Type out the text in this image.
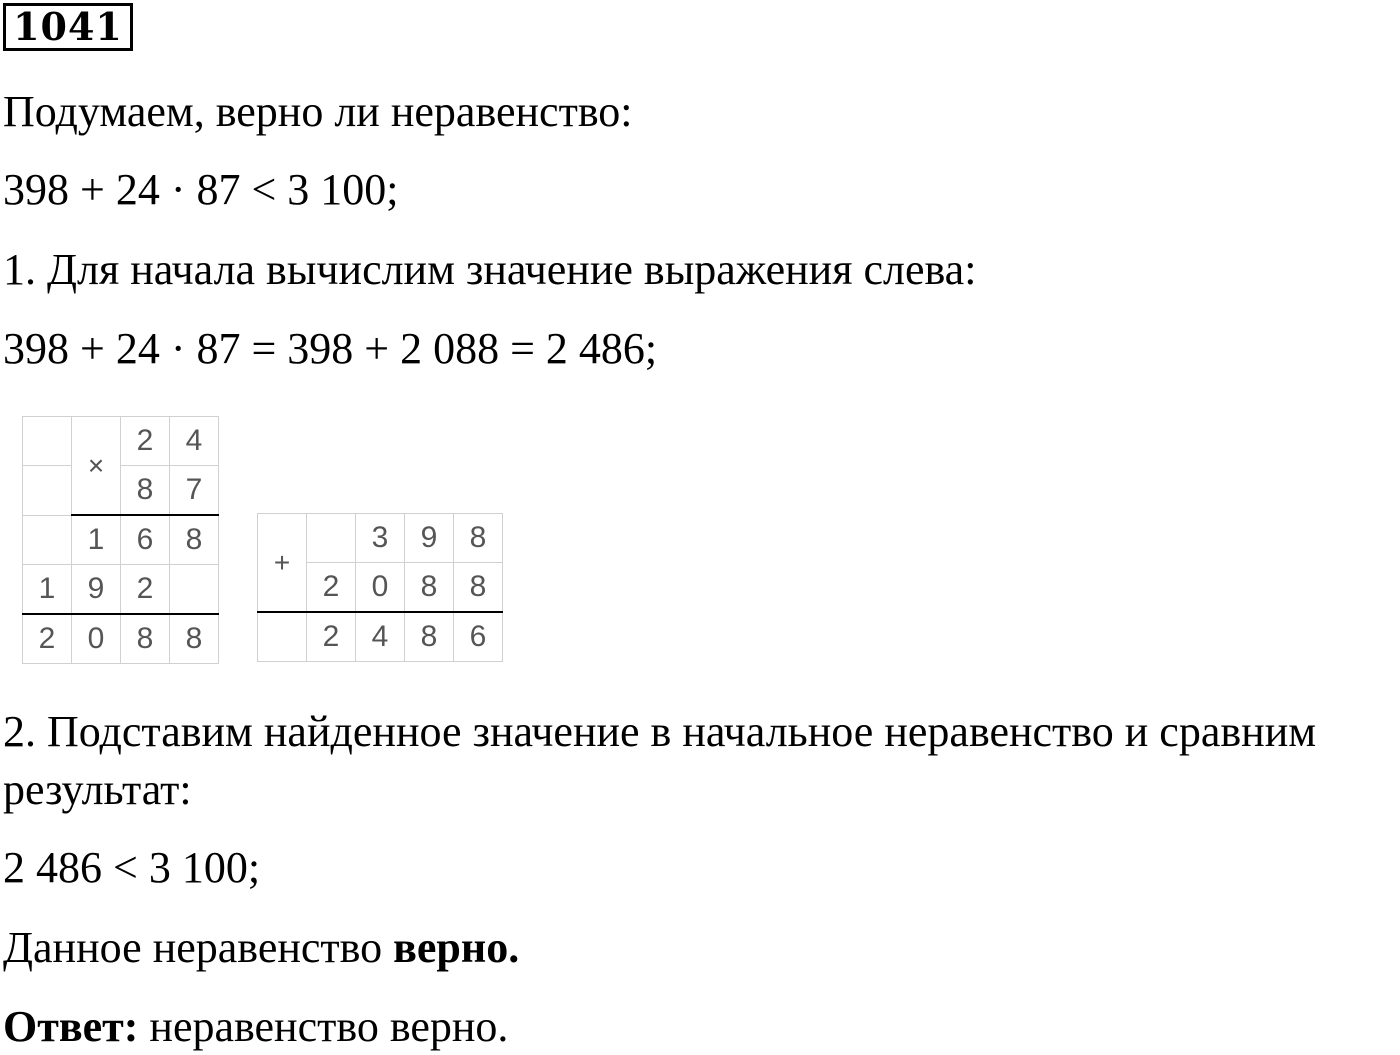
1041
Подумаем, верно ли неравенство:
398 + 24 · 87 < 3 100;
1. Для начала вычислим значение выражения слева:
398 + 24 · 87 = 398 + 2 088 = 2 486;
	×	2	4
		8	7
	1	6	8
1	9	2	
2	0	8	8
+		3	9	8
	2	0	8	8
	2	4	8	6
2. Подставим найденное значение в начальное неравенство и сравним
результат:
2 486 < 3 100;
Данное неравенство верно.
Ответ: неравенство верно.
